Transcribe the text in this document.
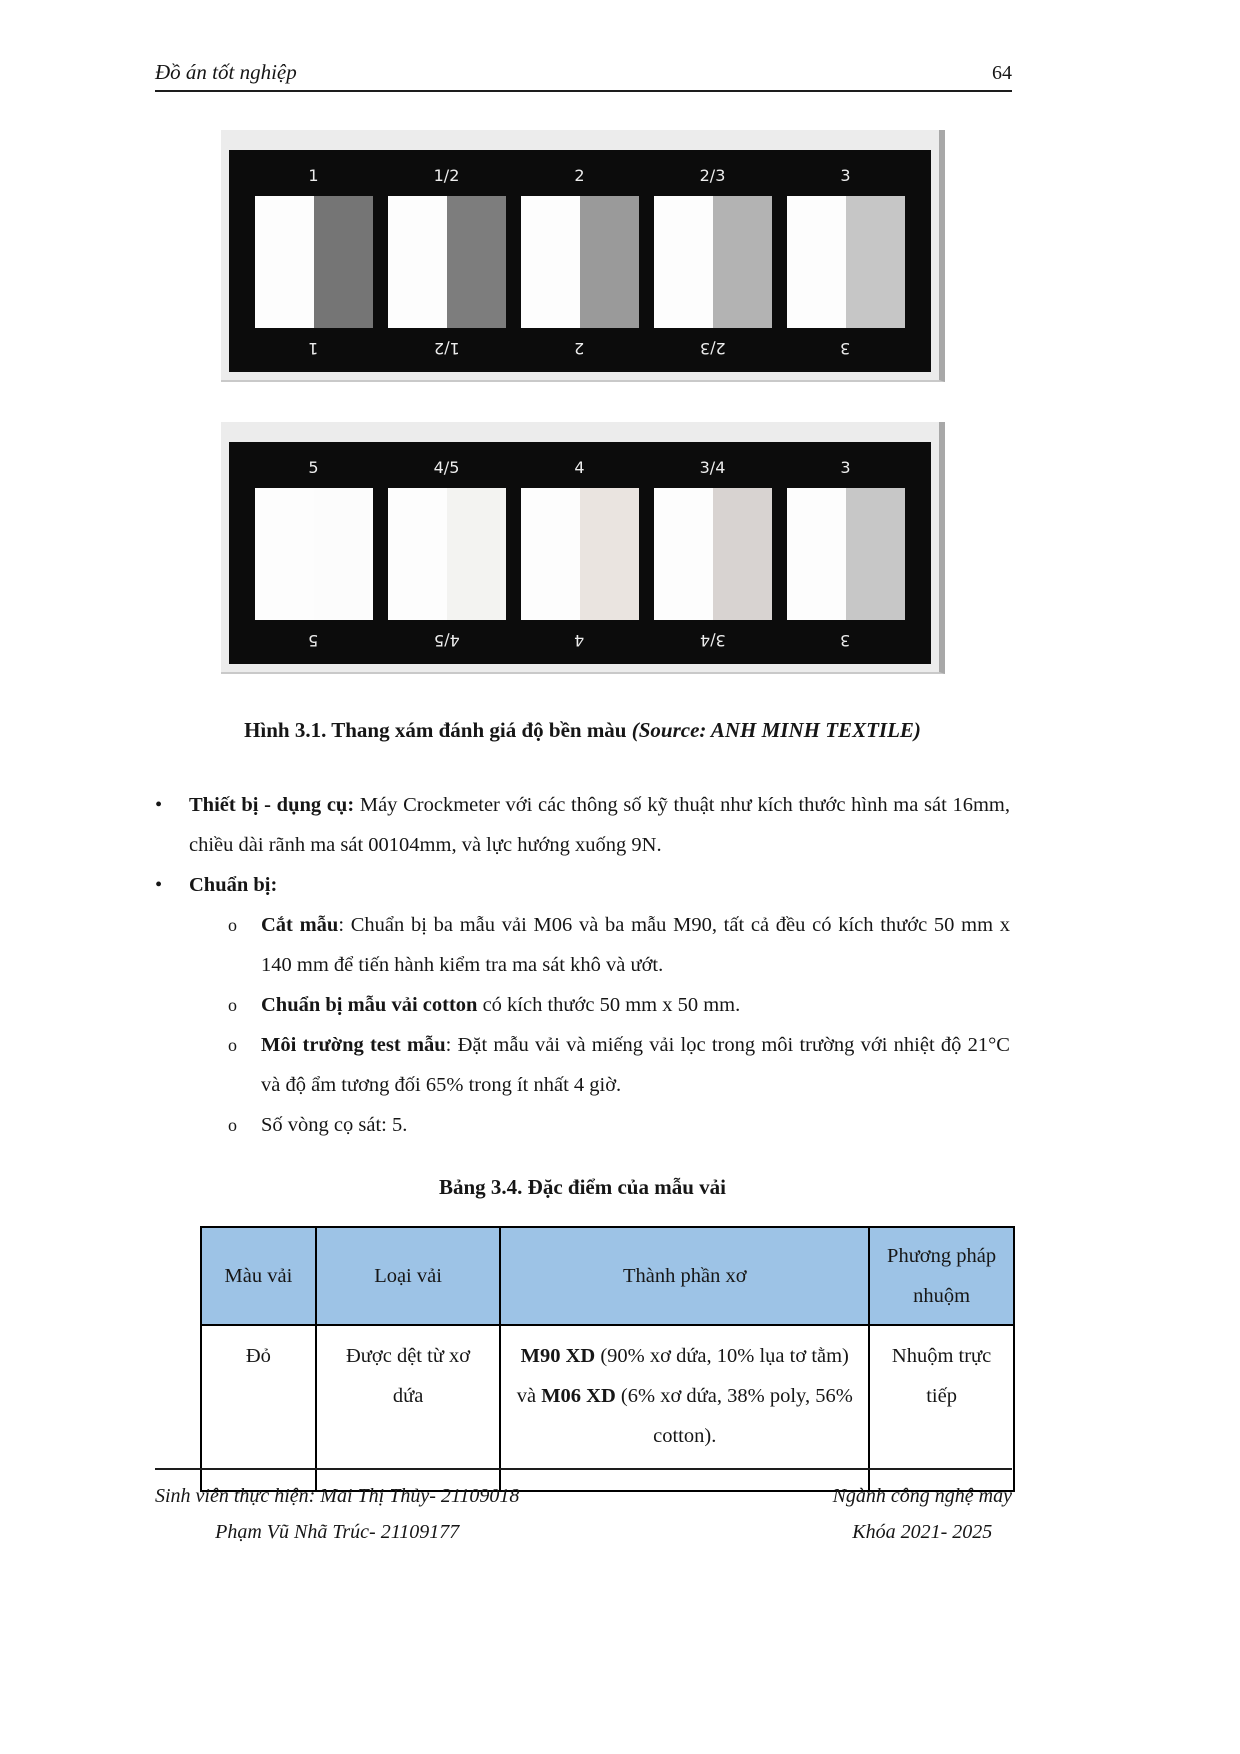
Đồ án tốt nghiệp	64
1
1
1/2
1/2
2
2
2/3
2/3
3
3
5
5
4/5
4/5
4
4
3/4
3/4
3
3
Hình 3.1. Thang xám đánh giá độ bền màu (Source: ANH MINH TEXTILE)
•	Thiết bị - dụng cụ: Máy Crockmeter với các thông số kỹ thuật như kích thước hình ma sát 16mm, chiều dài rãnh ma sát 00104mm, và lực hướng xuống 9N.
•	Chuẩn bị:
o	Cắt mẫu: Chuẩn bị ba mẫu vải M06 và ba mẫu M90, tất cả đều có kích thước 50 mm x 140 mm để tiến hành kiểm tra ma sát khô và ướt.
o	Chuẩn bị mẫu vải cotton có kích thước 50 mm x 50 mm.
o	Môi trường test mẫu: Đặt mẫu vải và miếng vải lọc trong môi trường với nhiệt độ 21°C và độ ẩm tương đối 65% trong ít nhất 4 giờ.
o	Số vòng cọ sát: 5.
Bảng 3.4. Đặc điểm của mẫu vải
Màu vải	Loại vải	Thành phần xơ	Phương pháp nhuộm
Đỏ	Được dệt từ xơ dứa	M90 XD (90% xơ dứa, 10% lụa tơ tằm) và M06 XD (6% xơ dứa, 38% poly, 56% cotton).	Nhuộm trực tiếp
Sinh viên thực hiện: Mai Thị Thủy- 21109018
Phạm Vũ Nhã Trúc- 21109177
Ngành công nghệ may
Khóa 2021- 2025
